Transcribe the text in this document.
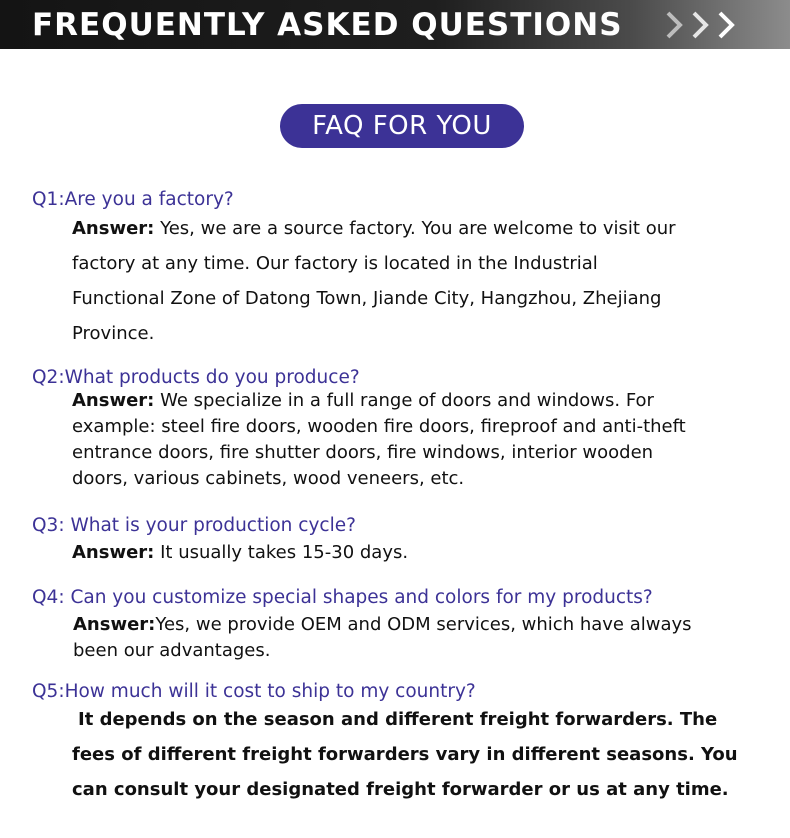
FREQUENTLY ASKED QUESTIONS
FAQ FOR YOU
Q1:Are you a factory?
Answer: Yes, we are a source factory. You are welcome to visit our
factory at any time. Our factory is located in the Industrial
Functional Zone of Datong Town, Jiande City, Hangzhou, Zhejiang
Province.
Q2:What products do you produce?
Answer: We specialize in a full range of doors and windows. For
example: steel fire doors, wooden fire doors, fireproof and anti-theft
entrance doors, fire shutter doors, fire windows, interior wooden
doors, various cabinets, wood veneers, etc.
Q3: What is your production cycle?
Answer: It usually takes 15-30 days.
Q4: Can you customize special shapes and colors for my products?
Answer:Yes, we provide OEM and ODM services, which have always
been our advantages.
Q5:How much will it cost to ship to my country?
It depends on the season and different freight forwarders. The
fees of different freight forwarders vary in different seasons. You
can consult your designated freight forwarder or us at any time.
